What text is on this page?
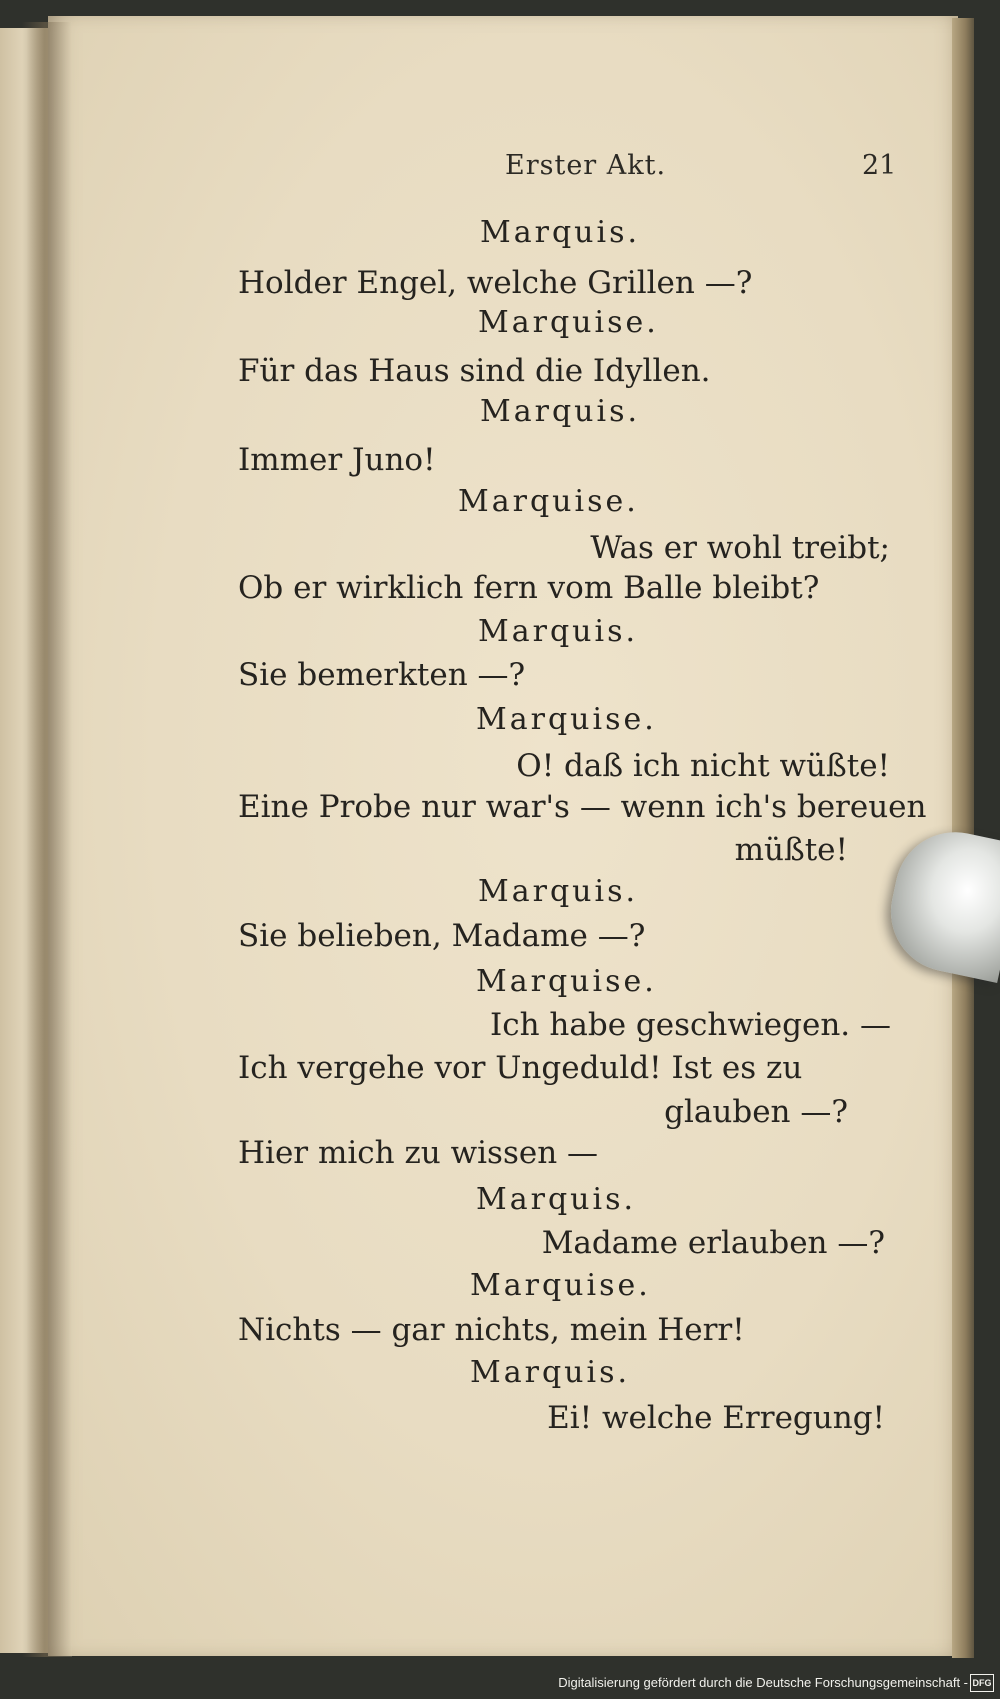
Erster Akt.	21
Marquis.
Holder Engel, welche Grillen —?
Marquise.
Für das Haus sind die Idyllen.
Marquis.
Immer Juno!
Marquise.
Was er wohl treibt;
Ob er wirklich fern vom Balle bleibt?
Marquis.
Sie bemerkten —?
Marquise.
O! daß ich nicht wüßte!
Eine Probe nur war's — wenn ich's bereuen
müßte!
Marquis.
Sie belieben, Madame —?
Marquise.
Ich habe geschwiegen. —
Ich vergehe vor Ungeduld! Ist es zu
glauben —?
Hier mich zu wissen —
Marquis.
Madame erlauben —?
Marquise.
Nichts — gar nichts, mein Herr!
Marquis.
Ei! welche Erregung!
Digitalisierung gefördert durch die Deutsche Forschungsgemeinschaft - DFG
